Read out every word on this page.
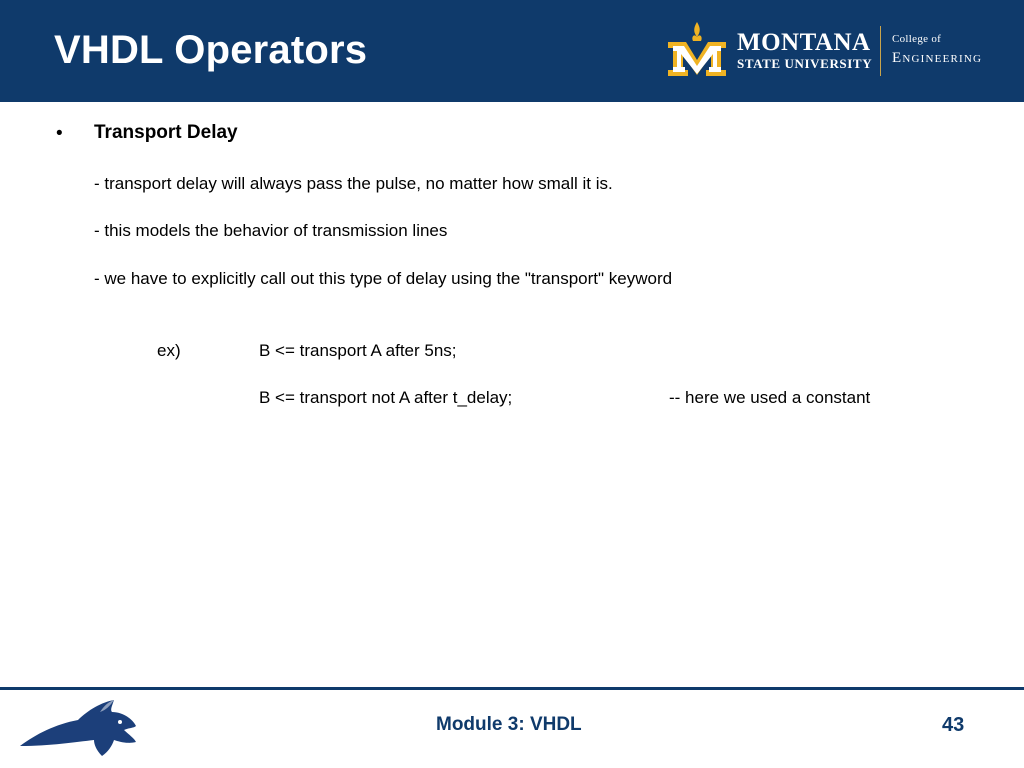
VHDL Operators	MONTANA
STATE UNIVERSITY
College of
Engineering
• Transport Delay
- transport delay will always pass the pulse, no matter how small it is.
- this models the behavior of transmission lines
- we have to explicitly call out this type of delay using the "transport" keyword
ex)	B <= transport A after 5ns;
B <= transport not A after t_delay;	-- here we used a constant
Module 3: VHDL	43
